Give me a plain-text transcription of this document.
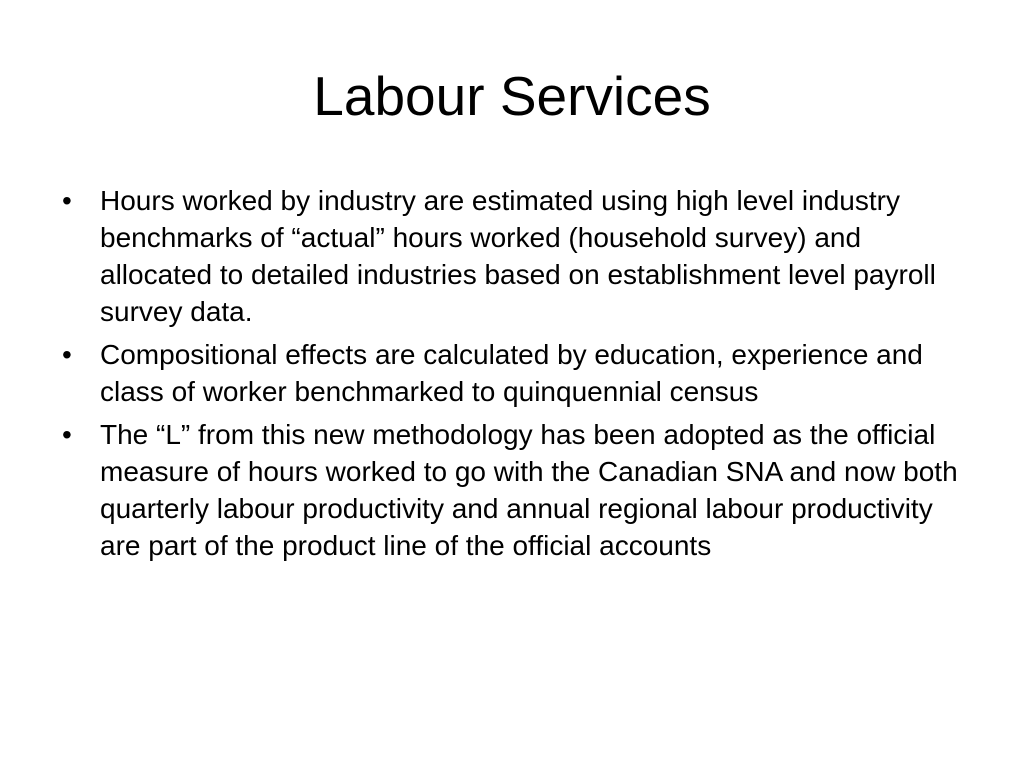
Labour Services
• Hours worked by industry are estimated using high level industry benchmarks of “actual” hours worked (household survey) and allocated to detailed industries based on establishment level payroll survey data.
• Compositional effects are calculated by education, experience and class of worker benchmarked to quinquennial census
• The “L” from this new methodology has been adopted as the official measure of hours worked to go with the Canadian SNA and now both quarterly labour productivity and annual regional labour productivity are part of the product line of the official accounts
